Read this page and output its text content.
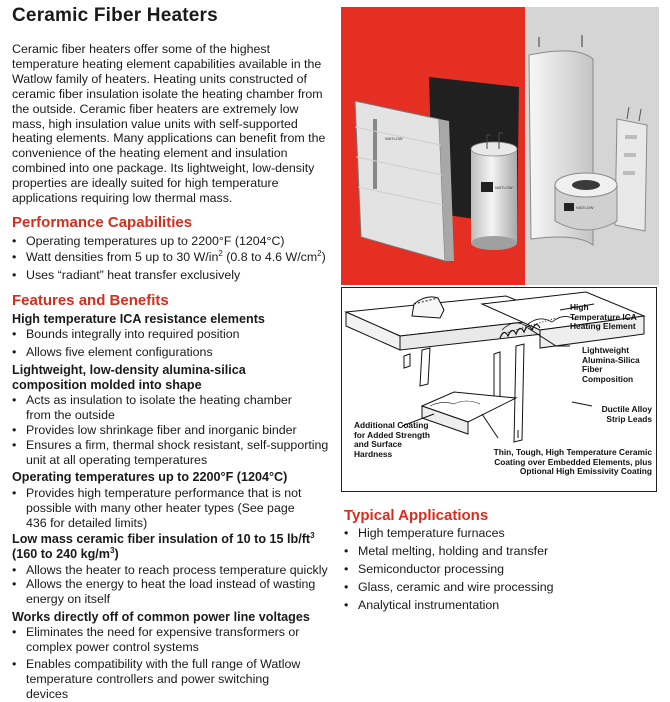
Ceramic Fiber Heaters
Ceramic fiber heaters offer some of the highest temperature heating element capabilities available in the Watlow family of heaters. Heating units constructed of ceramic fiber insulation isolate the heating chamber from the outside. Ceramic fiber heaters are extremely low mass, high insulation value units with self-supported heating elements. Many applications can benefit from the convenience of the heating element and insulation combined into one package. Its lightweight, low-density properties are ideally suited for high temperature applications requiring low thermal mass.
Performance Capabilities
• Operating temperatures up to 2200°F (1204°C)
• Watt densities from 5 up to 30 $W/in^2$ (0.8 to 4.6 $W/cm^2$)
• Uses “radiant” heat transfer exclusively
Features and Benefits
High temperature ICA resistance elements
• Bounds integrally into required position
• Allows five element configurations
Lightweight, low-density alumina-silica composition molded into shape
• Acts as insulation to isolate the heating chamber from the outside
• Provides low shrinkage fiber and inorganic binder
• Ensures a firm, thermal shock resistant, self-supporting unit at all operating temperatures
Operating temperatures up to 2200°F (1204°C)
• Provides high temperature performance that is not possible with many other heater types (See page 436 for detailed limits)
Low mass ceramic fiber insulation of 10 to 15 $lb/ft^3$ (160 to 240 $kg/m^3$)
• Allows the heater to reach process temperature quickly
• Allows the energy to heat the load instead of wasting energy on itself
Works directly off of common power line voltages
• Eliminates the need for expensive transformers or complex power control systems
• Enables compatibility with the full range of Watlow temperature controllers and power switching devices
WATLOW
WATLOW
WATLOW
High Temperature ICA Heating Element
Lightweight Alumina-Silica Fiber Composition
Ductile Alloy Strip Leads
Additional Coating for Added Strength and Surface Hardness	Thin, Tough, High Temperature Ceramic Coating over Embedded Elements, plus Optional High Emissivity Coating
Typical Applications
• High temperature furnaces
• Metal melting, holding and transfer
• Semiconductor processing
• Glass, ceramic and wire processing
• Analytical instrumentation
